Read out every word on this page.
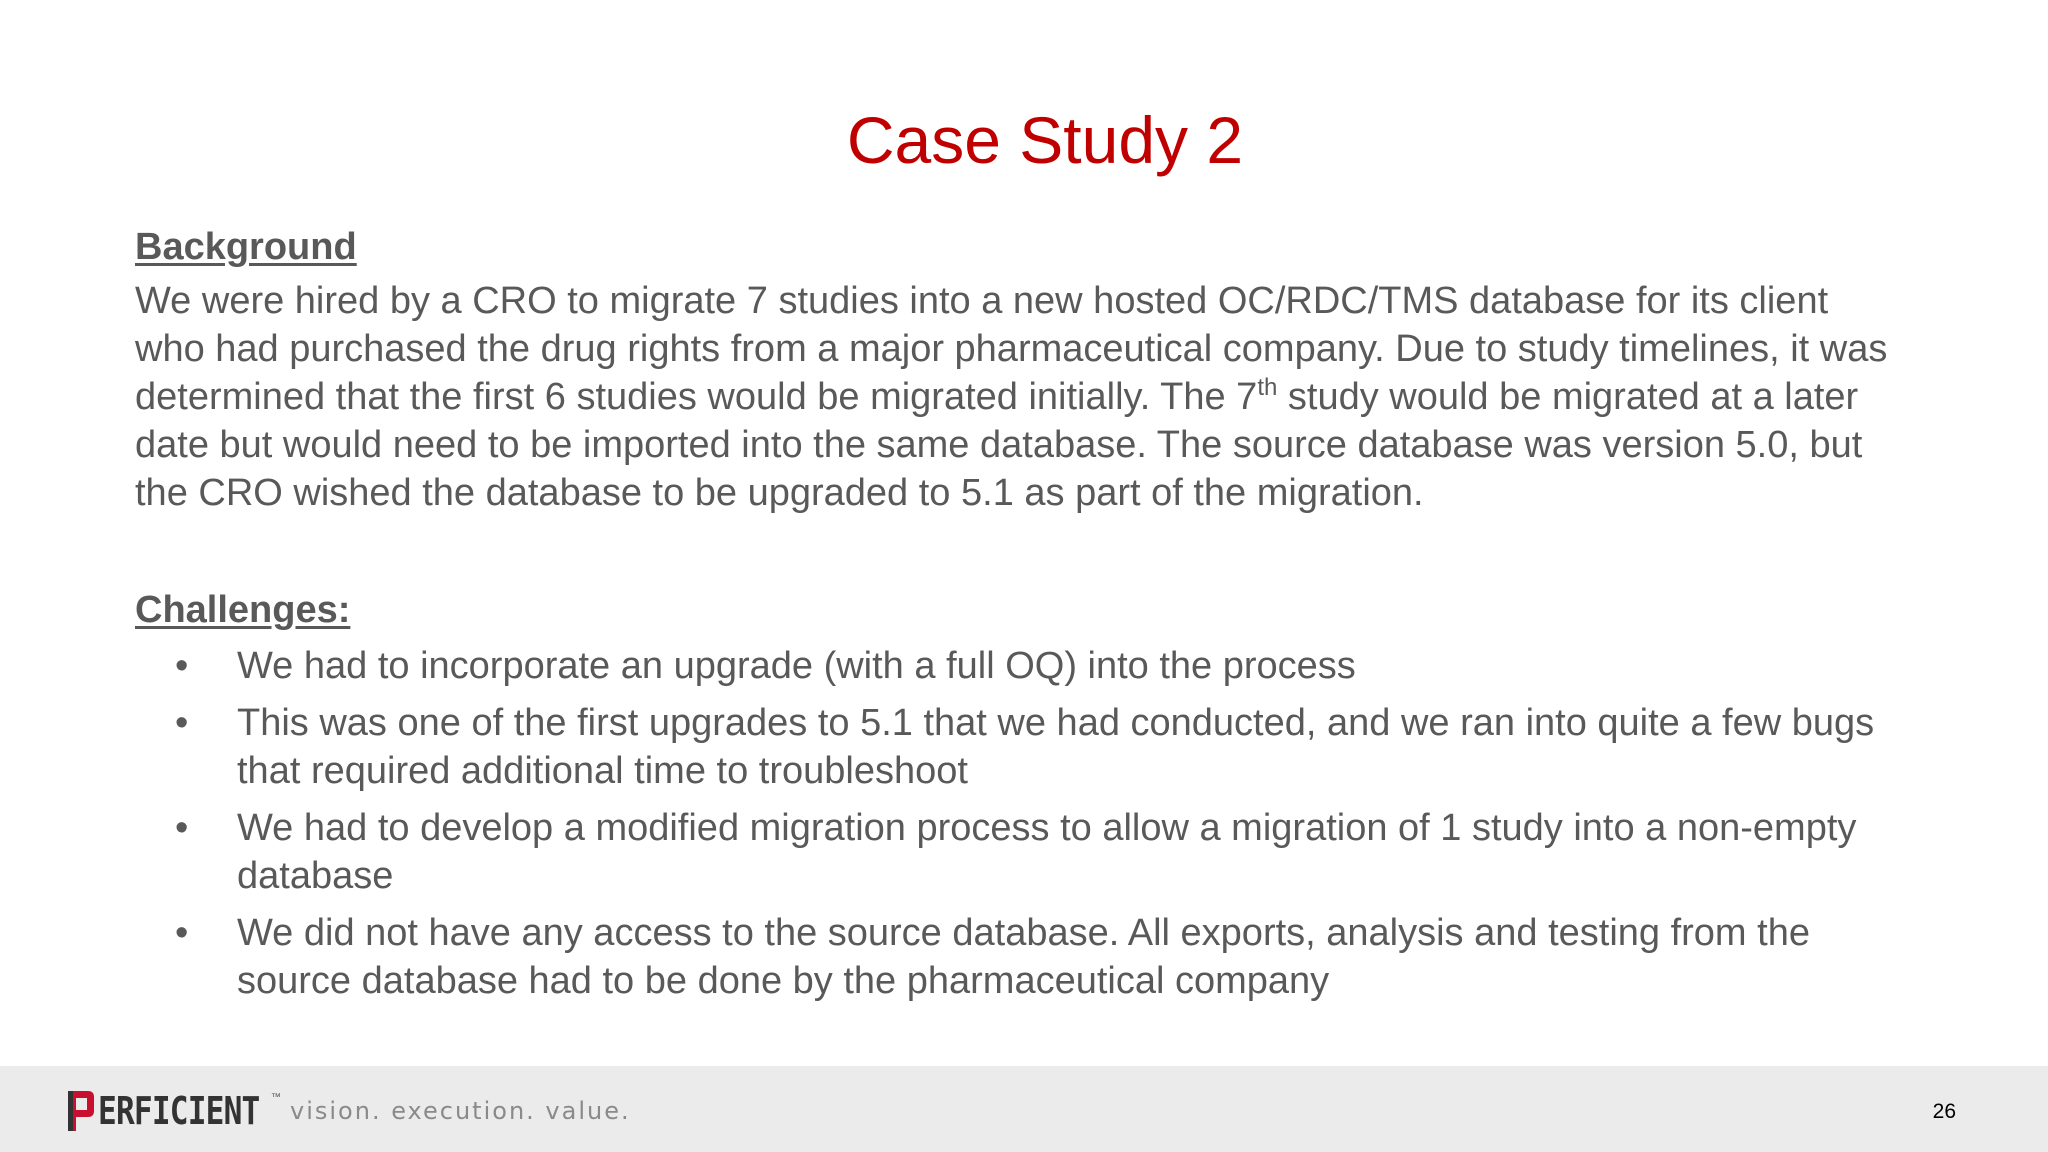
Case Study 2
Background
We were hired by a CRO to migrate 7 studies into a new hosted OC/RDC/TMS database for its client who had purchased the drug rights from a major pharmaceutical company. Due to study timelines, it was determined that the first 6 studies would be migrated initially. The 7th study would be migrated at a later date but would need to be imported into the same database. The source database was version 5.0, but the CRO wished the database to be upgraded to 5.1 as part of the migration.
Challenges:
• We had to incorporate an upgrade (with a full OQ) into the process
• This was one of the first upgrades to 5.1 that we had conducted, and we ran into quite a few bugs that required additional time to troubleshoot
• We had to develop a modified migration process to allow a migration of 1 study into a non-empty database
• We did not have any access to the source database. All exports, analysis and testing from the source database had to be done by the pharmaceutical company
ERFICIENT ™ vision. execution. value.	26
